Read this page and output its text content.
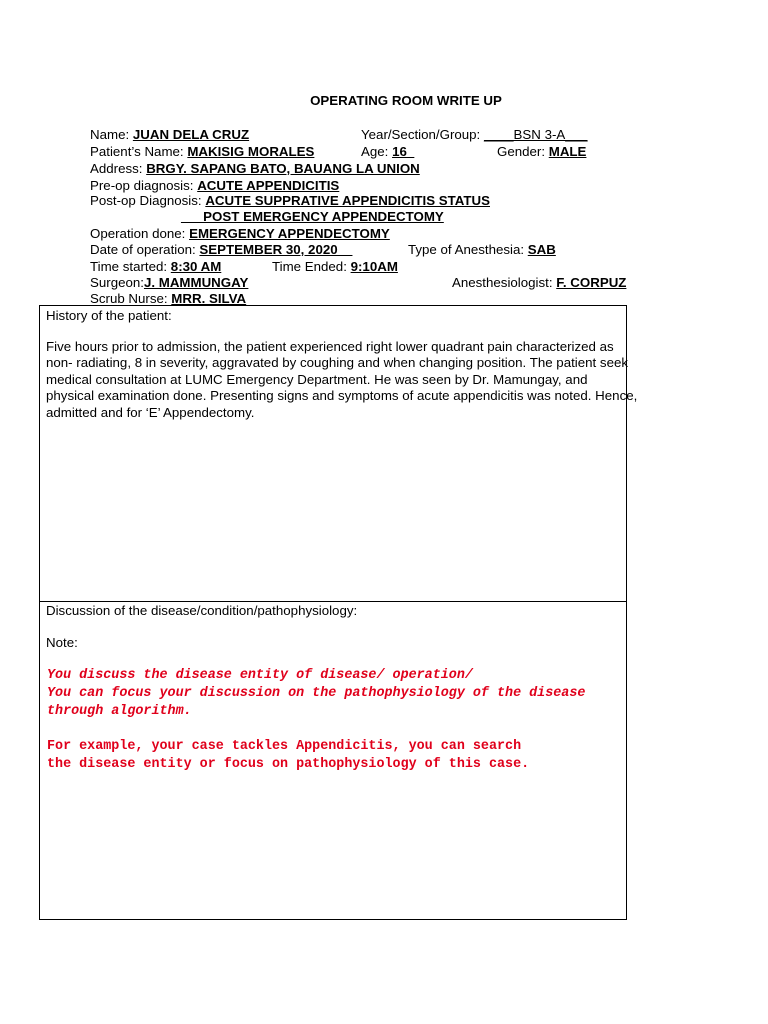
OPERATING ROOM WRITE UP
Name: JUAN DELA CRUZ	Year/Section/Group: ____BSN 3-A___
Patient’s Name: MAKISIG MORALES	Age: 16_	Gender: MALE
Address: BRGY. SAPANG BATO, BAUANG LA UNION
Pre-op diagnosis: ACUTE APPENDICITIS
Post-op Diagnosis: ACUTE SUPPRATIVE APPENDICITIS STATUS
___POST EMERGENCY APPENDECTOMY
Operation done: EMERGENCY APPENDECTOMY
Date of operation: SEPTEMBER 30, 2020__	Type of Anesthesia: SAB
Time started: 8:30 AM	Time Ended: 9:10AM
Surgeon:J. MAMMUNGAY	Anesthesiologist: F. CORPUZ
Scrub Nurse: MRR. SILVA
History of the patient:
Five hours prior to admission, the patient experienced right lower quadrant pain characterized as
non- radiating, 8 in severity, aggravated by coughing and when changing position. The patient seek
medical consultation at LUMC Emergency Department. He was seen by Dr. Mamungay, and
physical examination done. Presenting signs and symptoms of acute appendicitis was noted. Hence,
admitted and for ‘E’ Appendectomy.
Discussion of the disease/condition/pathophysiology:
Note:
You discuss the disease entity of disease/ operation/
You can focus your discussion on the pathophysiology of the disease
through algorithm.
For example, your case tackles Appendicitis, you can search
the disease entity or focus on pathophysiology of this case.
